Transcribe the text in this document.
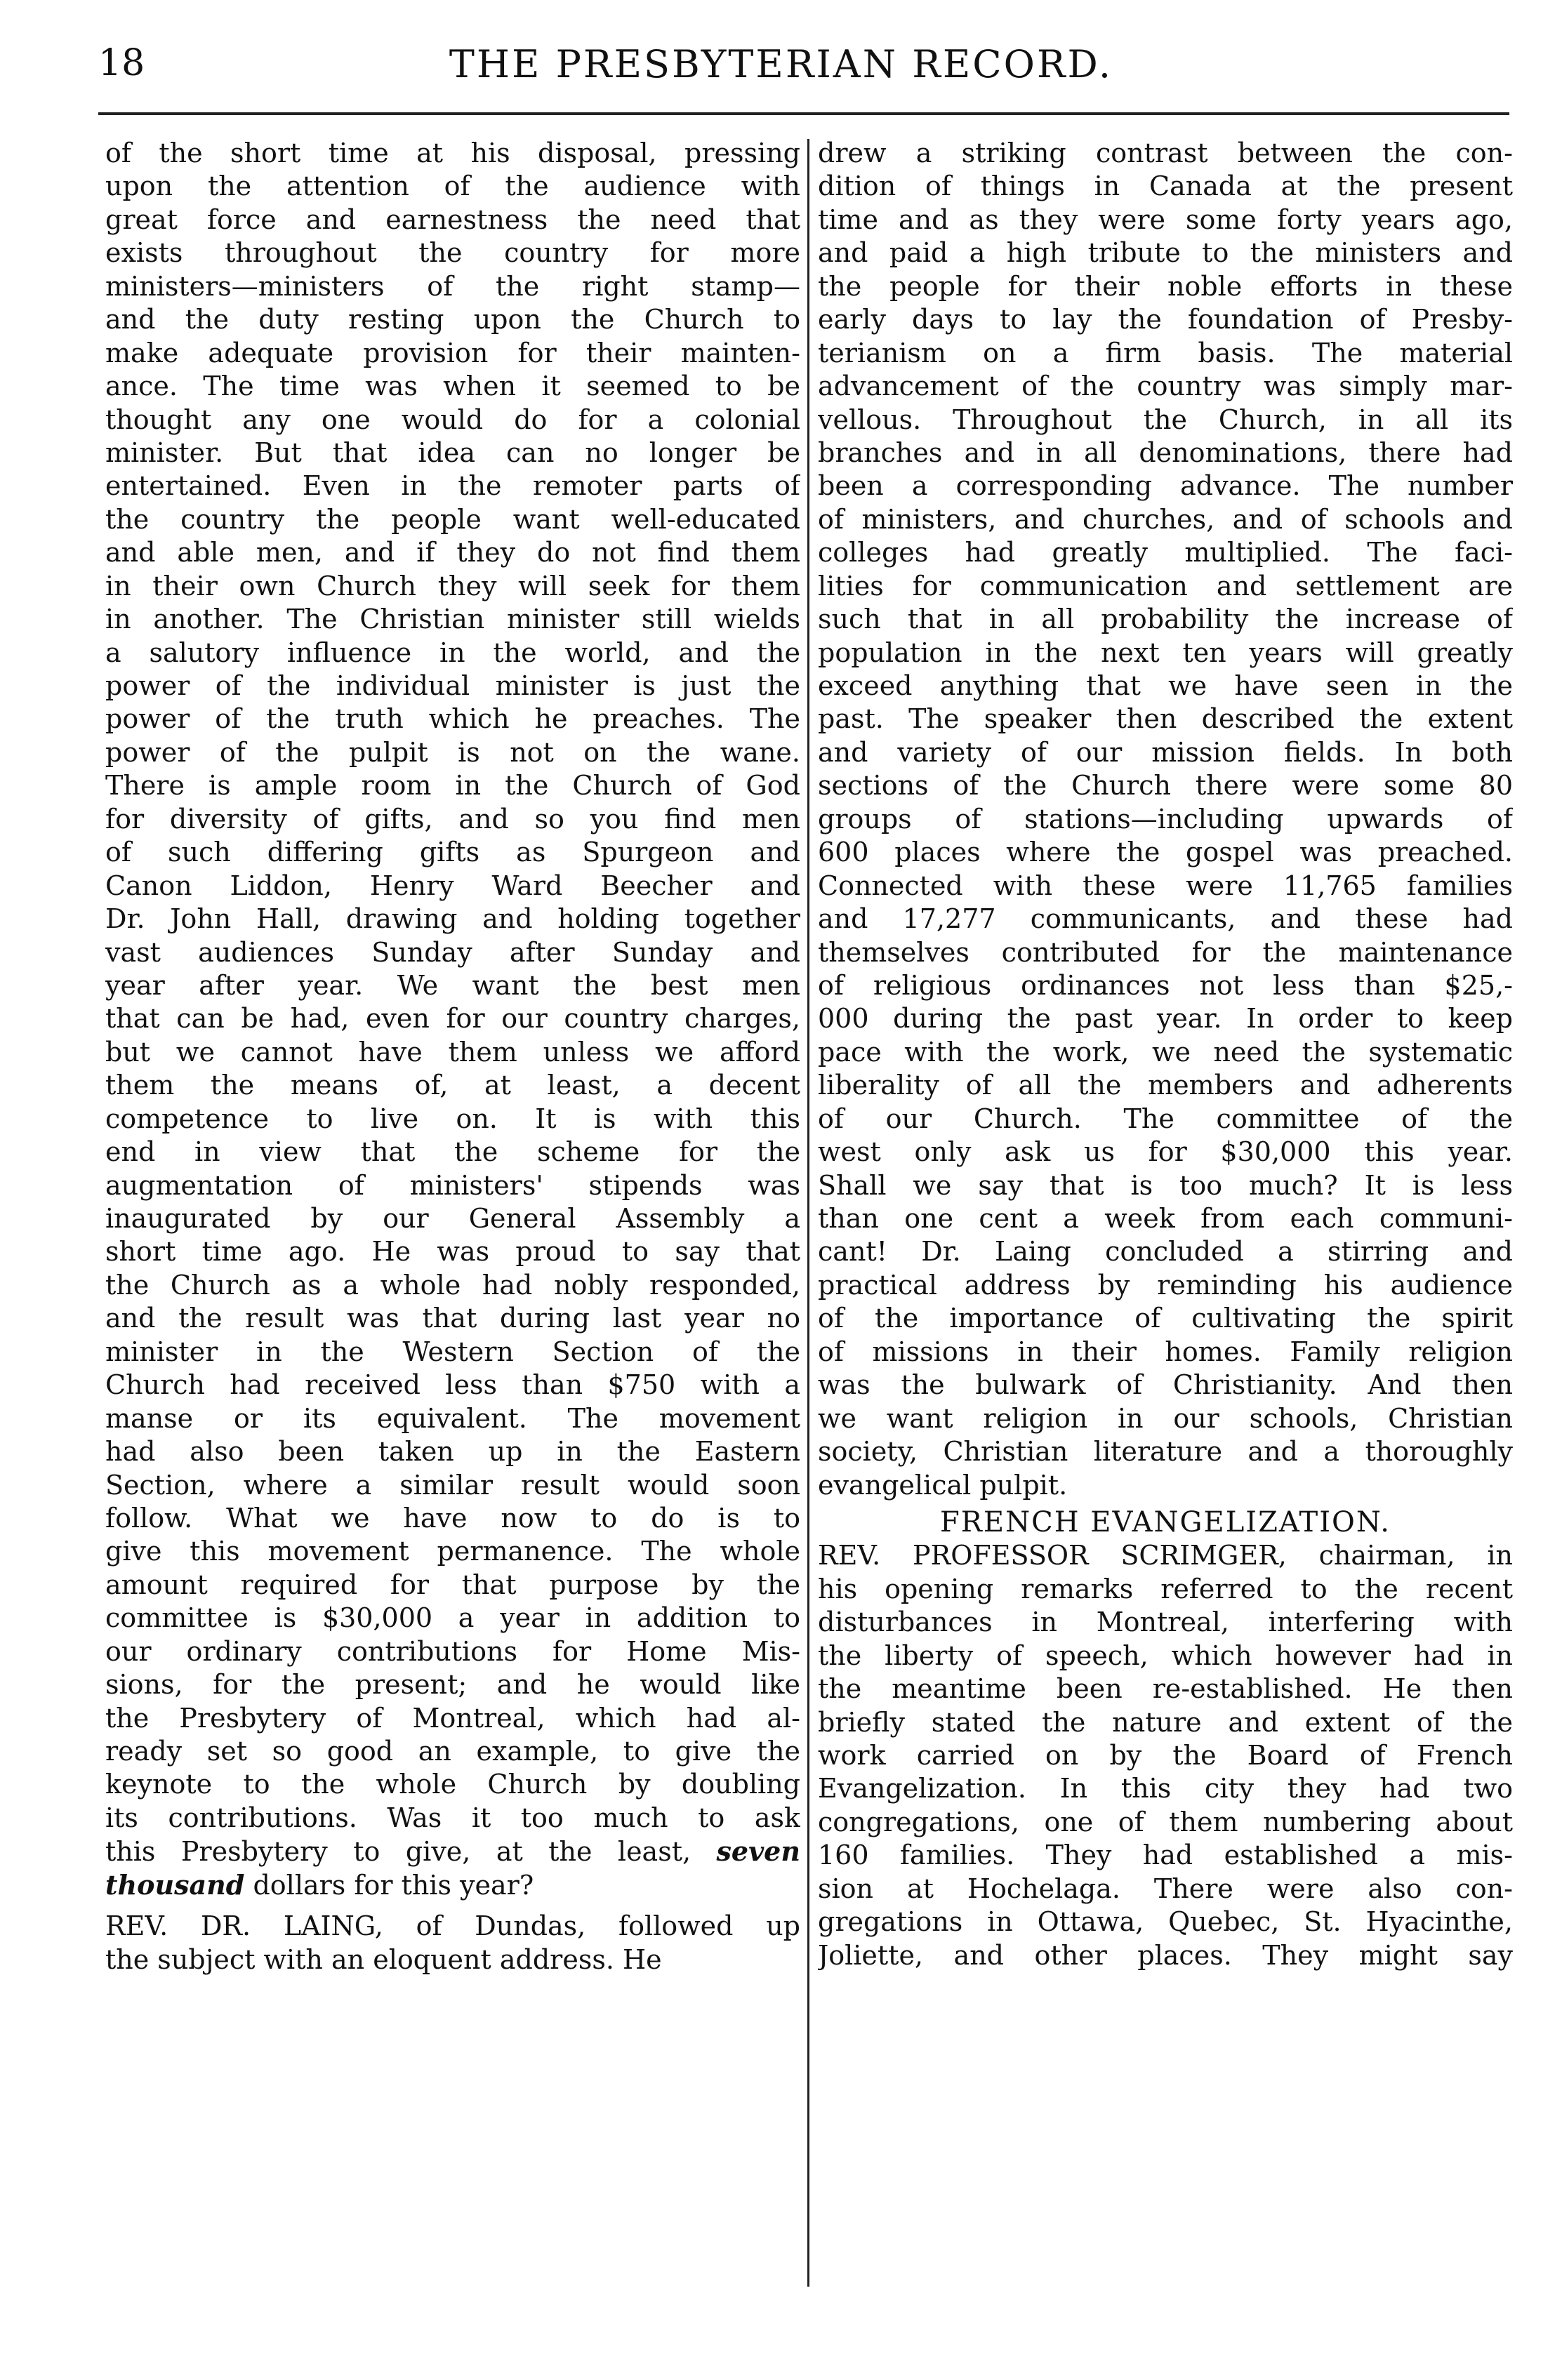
18	THE PRESBYTERIAN RECORD.
of the short time at his disposal, pressing
upon the attention of the audience with
great force and earnestness the need that
exists throughout the country for more
ministers—ministers of the right stamp—
and the duty resting upon the Church to
make adequate provision for their mainten-
ance. The time was when it seemed to be
thought any one would do for a colonial
minister. But that idea can no longer be
entertained. Even in the remoter parts of
the country the people want well-educated
and able men, and if they do not find them
in their own Church they will seek for them
in another. The Christian minister still wields
a salutory influence in the world, and the
power of the individual minister is just the
power of the truth which he preaches. The
power of the pulpit is not on the wane.
There is ample room in the Church of God
for diversity of gifts, and so you find men
of such differing gifts as Spurgeon and
Canon Liddon, Henry Ward Beecher and
Dr. John Hall, drawing and holding together
vast audiences Sunday after Sunday and
year after year. We want the best men
that can be had, even for our country charges,
but we cannot have them unless we afford
them the means of, at least, a decent
competence to live on. It is with this
end in view that the scheme for the
augmentation of ministers' stipends was
inaugurated by our General Assembly a
short time ago. He was proud to say that
the Church as a whole had nobly responded,
and the result was that during last year no
minister in the Western Section of the
Church had received less than $750 with a
manse or its equivalent. The movement
had also been taken up in the Eastern
Section, where a similar result would soon
follow. What we have now to do is to
give this movement permanence. The whole
amount required for that purpose by the
committee is $30,000 a year in addition to
our ordinary contributions for Home Mis-
sions, for the present; and he would like
the Presbytery of Montreal, which had al-
ready set so good an example, to give the
keynote to the whole Church by doubling
its contributions. Was it too much to ask
this Presbytery to give, at the least, seven
thousand dollars for this year?
REV. DR. LAING, of Dundas, followed up
the subject with an eloquent address. He
drew a striking contrast between the con-
dition of things in Canada at the present
time and as they were some forty years ago,
and paid a high tribute to the ministers and
the people for their noble efforts in these
early days to lay the foundation of Presby-
terianism on a firm basis. The material
advancement of the country was simply mar-
vellous. Throughout the Church, in all its
branches and in all denominations, there had
been a corresponding advance. The number
of ministers, and churches, and of schools and
colleges had greatly multiplied. The faci-
lities for communication and settlement are
such that in all probability the increase of
population in the next ten years will greatly
exceed anything that we have seen in the
past. The speaker then described the extent
and variety of our mission fields. In both
sections of the Church there were some 80
groups of stations—including upwards of
600 places where the gospel was preached.
Connected with these were 11,765 families
and 17,277 communicants, and these had
themselves contributed for the maintenance
of religious ordinances not less than $25,-
000 during the past year. In order to keep
pace with the work, we need the systematic
liberality of all the members and adherents
of our Church. The committee of the
west only ask us for $30,000 this year.
Shall we say that is too much? It is less
than one cent a week from each communi-
cant! Dr. Laing concluded a stirring and
practical address by reminding his audience
of the importance of cultivating the spirit
of missions in their homes. Family religion
was the bulwark of Christianity. And then
we want religion in our schools, Christian
society, Christian literature and a thoroughly
evangelical pulpit.
FRENCH EVANGELIZATION.
REV. PROFESSOR SCRIMGER, chairman, in
his opening remarks referred to the recent
disturbances in Montreal, interfering with
the liberty of speech, which however had in
the meantime been re-established. He then
briefly stated the nature and extent of the
work carried on by the Board of French
Evangelization. In this city they had two
congregations, one of them numbering about
160 families. They had established a mis-
sion at Hochelaga. There were also con-
gregations in Ottawa, Quebec, St. Hyacinthe,
Joliette, and other places. They might say
